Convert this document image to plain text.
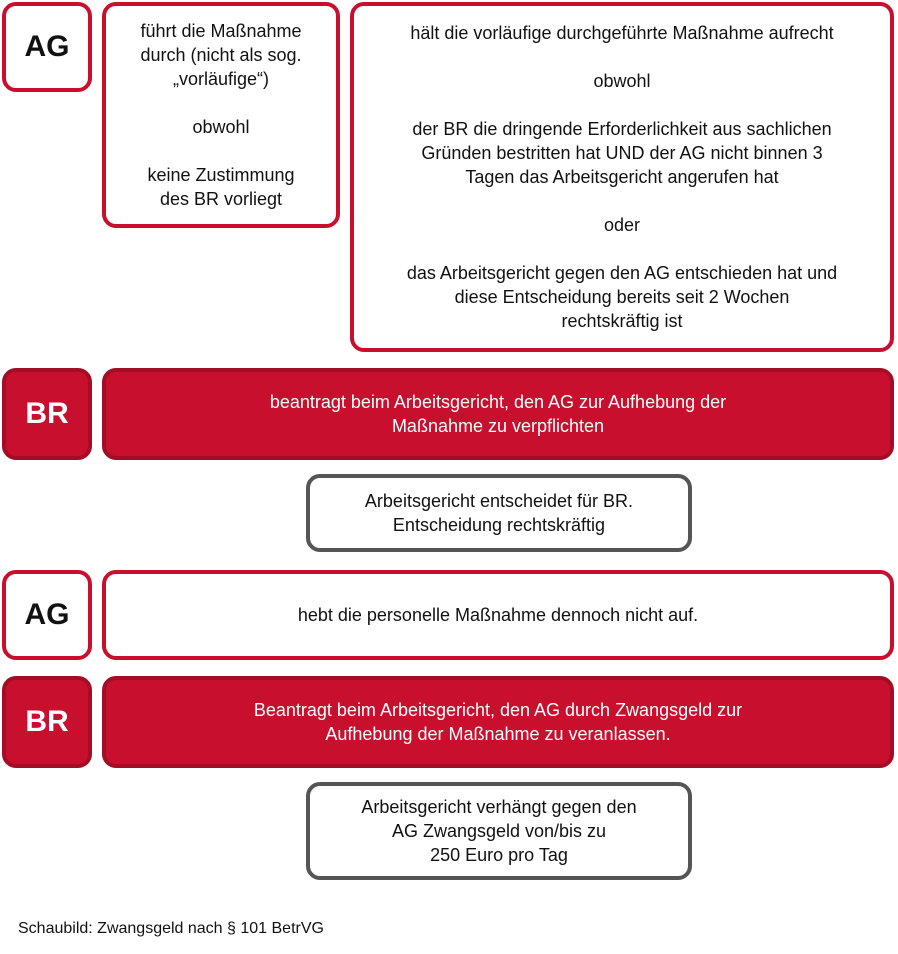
AG	führt die Maßnahme
durch (nicht als sog.
„vorläufige“)

obwohl

keine Zustimmung
des BR vorliegt
hält die vorläufige durchgeführte Maßnahme aufrecht

obwohl

der BR die dringende Erforderlichkeit aus sachlichen
Gründen bestritten hat UND der AG nicht binnen 3
Tagen das Arbeitsgericht angerufen hat

oder

das Arbeitsgericht gegen den AG entschieden hat und
diese Entscheidung bereits seit 2 Wochen
rechtskräftig ist
BR	beantragt beim Arbeitsgericht, den AG zur Aufhebung der
Maßnahme zu verpflichten
Arbeitsgericht entscheidet für BR.
Entscheidung rechtskräftig
AG	hebt die personelle Maßnahme dennoch nicht auf.
BR	Beantragt beim Arbeitsgericht, den AG durch Zwangsgeld zur
Aufhebung der Maßnahme zu veranlassen.
Arbeitsgericht verhängt gegen den
AG Zwangsgeld von/bis zu
250 Euro pro Tag
Schaubild: Zwangsgeld nach § 101 BetrVG
